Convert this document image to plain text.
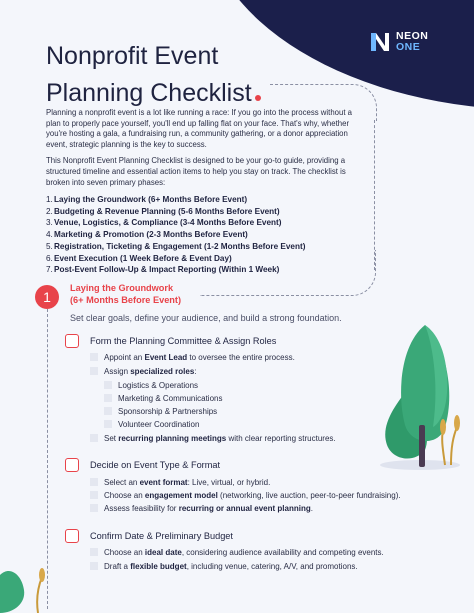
NEON
ONE
Nonprofit Event
Planning Checklist

Planning a nonprofit event is a lot like running a race: If you go into the process without a plan to properly pace yourself, you'll end up falling flat on your face. That's why, whether you're hosting a gala, a fundraising run, a community gathering, or a donor appreciation event, strategic planning is the key to success.

This Nonprofit Event Planning Checklist is designed to be your go-to guide, providing a structured timeline and essential action items to help you stay on track. The checklist is broken into seven primary phases:

1.Laying the Groundwork (6+ Months Before Event)
2.Budgeting & Revenue Planning (5-6 Months Before Event)
3.Venue, Logistics, & Compliance (3-4 Months Before Event)
4.Marketing & Promotion (2-3 Months Before Event)
5.Registration, Ticketing & Engagement (1-2 Months Before Event)
6.Event Execution (1 Week Before & Event Day)
7.Post-Event Follow-Up & Impact Reporting (Within 1 Week)
1
Laying the Groundwork
(6+ Months Before Event)
Set clear goals, define your audience, and build a strong foundation.
Form the Planning Committee & Assign Roles
Appoint an Event Lead to oversee the entire process.
Assign specialized roles:
Logistics & Operations
Marketing & Communications
Sponsorship & Partnerships
Volunteer Coordination
Set recurring planning meetings with clear reporting structures.
Decide on Event Type & Format
Select an event format: Live, virtual, or hybrid.
Choose an engagement model (networking, live auction, peer-to-peer fundraising).
Assess feasibility for recurring or annual event planning.
Confirm Date & Preliminary Budget
Choose an ideal date, considering audience availability and competing events.
Draft a flexible budget, including venue, catering, A/V, and promotions.
